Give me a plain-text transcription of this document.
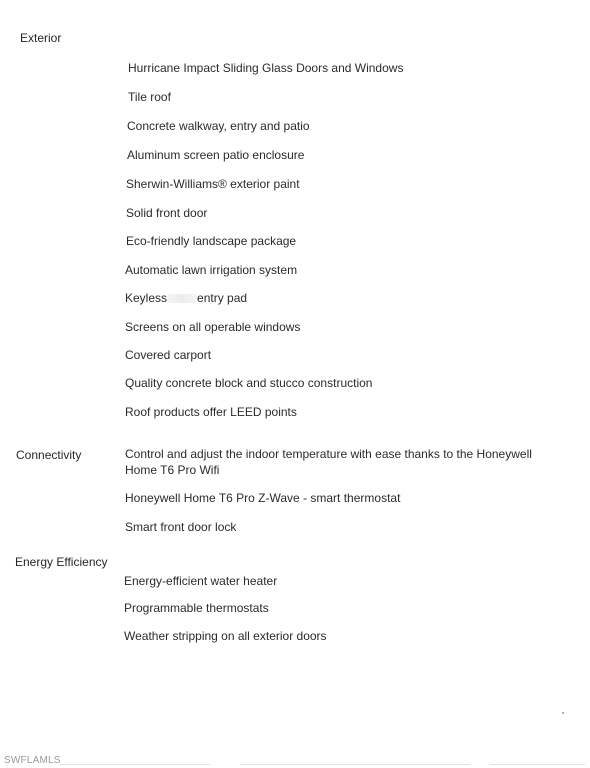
Exterior
Hurricane Impact Sliding Glass Doors and Windows
Tile roof
Concrete walkway, entry and patio
Aluminum screen patio enclosure
Sherwin-Williams® exterior paint
Solid front door
Eco-friendly landscape package
Automatic lawn irrigation system
Keyless	entry pad
Screens on all operable windows
Covered carport
Quality concrete block and stucco construction
Roof products offer LEED points
Connectivity	Control and adjust the indoor temperature with ease thanks to the Honeywell Home T6 Pro Wifi
Honeywell Home T6 Pro Z-Wave - smart thermostat
Smart front door lock
Energy Efficiency
Energy-efficient water heater
Programmable thermostats
Weather stripping on all exterior doors
SWFLAMLS
